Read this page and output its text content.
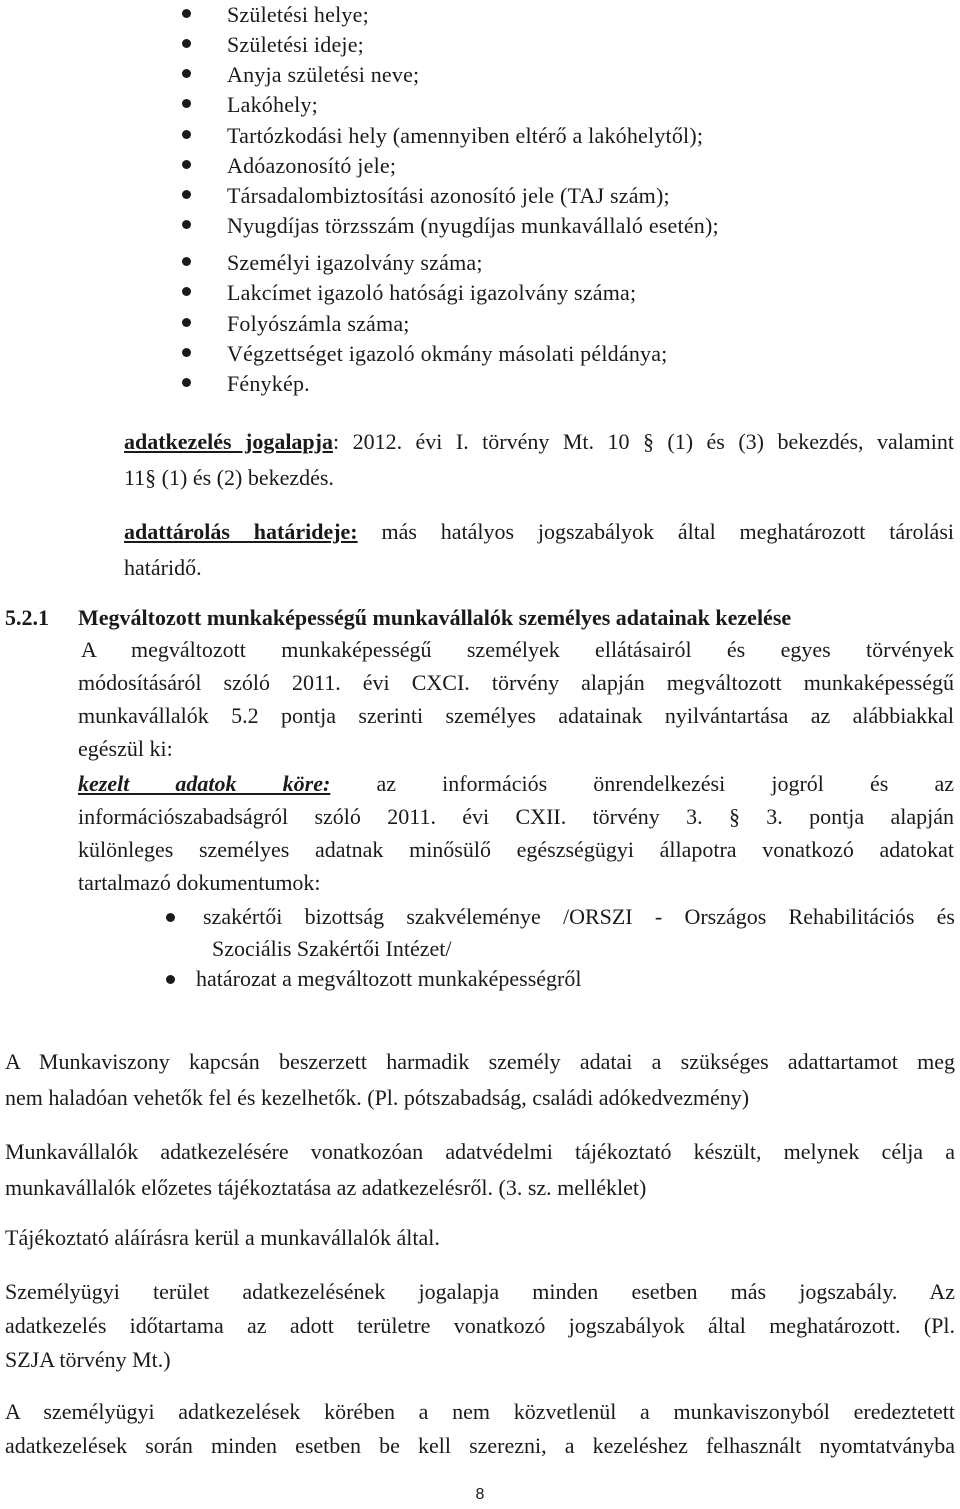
Születési helye;
Születési ideje;
Anyja születési neve;
Lakóhely;
Tartózkodási hely (amennyiben eltérő a lakóhelytől);
Adóazonosító jele;
Társadalombiztosítási azonosító jele (TAJ szám);
Nyugdíjas törzsszám (nyugdíjas munkavállaló esetén);
Személyi igazolvány száma;
Lakcímet igazoló hatósági igazolvány száma;
Folyószámla száma;
Végzettséget igazoló okmány másolati példánya;
Fénykép.
adatkezelés jogalapja: 2012. évi I. törvény Mt. 10 § (1) és (3) bekezdés, valamint
11§ (1) és (2) bekezdés.
adattárolás határideje: más hatályos jogszabályok által meghatározott tárolási
határidő.
5.2.1 Megváltozott munkaképességű munkavállalók személyes adatainak kezelése
A megváltozott munkaképességű személyek ellátásairól és egyes törvények
módosításáról szóló 2011. évi CXCI. törvény alapján megváltozott munkaképességű
munkavállalók 5.2 pontja szerinti személyes adatainak nyilvántartása az alábbiakkal
egészül ki:
kezelt adatok köre: az információs önrendelkezési jogról és az
információszabadságról szóló 2011. évi CXII. törvény 3. § 3. pontja alapján
különleges személyes adatnak minősülő egészségügyi állapotra vonatkozó adatokat
tartalmazó dokumentumok:
szakértői bizottság szakvéleménye /ORSZI - Országos Rehabilitációs és
Szociális Szakértői Intézet/
határozat a megváltozott munkaképességről
A Munkaviszony kapcsán beszerzett harmadik személy adatai a szükséges adattartamot meg
nem haladóan vehetők fel és kezelhetők. (Pl. pótszabadság, családi adókedvezmény)
Munkavállalók adatkezelésére vonatkozóan adatvédelmi tájékoztató készült, melynek célja a
munkavállalók előzetes tájékoztatása az adatkezelésről. (3. sz. melléklet)
Tájékoztató aláírásra kerül a munkavállalók által.
Személyügyi terület adatkezelésének jogalapja minden esetben más jogszabály. Az
adatkezelés időtartama az adott területre vonatkozó jogszabályok által meghatározott. (Pl.
SZJA törvény Mt.)
A személyügyi adatkezelések körében a nem közvetlenül a munkaviszonyból eredeztetett
adatkezelések során minden esetben be kell szerezni, a kezeléshez felhasznált nyomtatványba
8
